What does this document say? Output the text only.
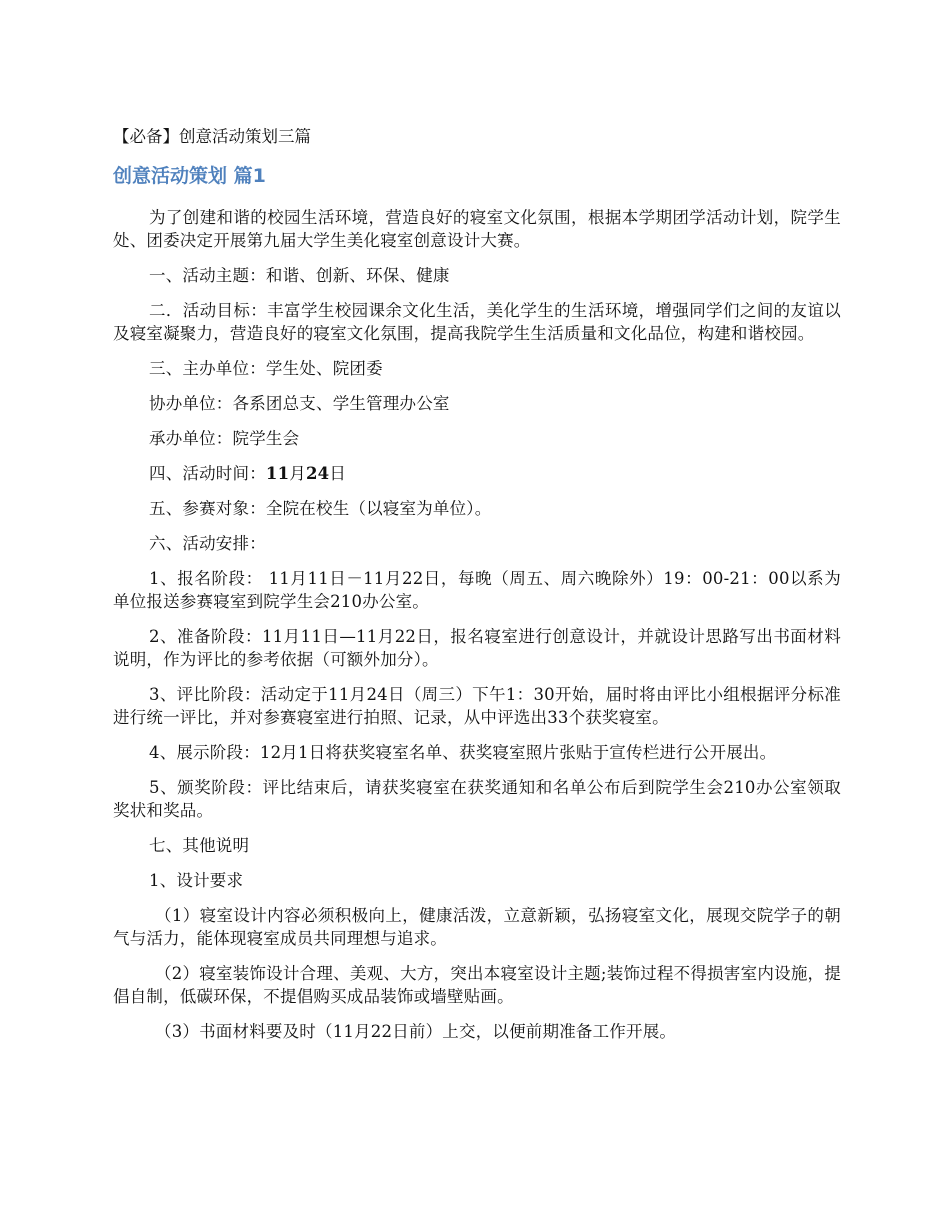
【必备】创意活动策划三篇
创意活动策划 篇1

为了创建和谐的校园生活环境，营造良好的寝室文化氛围，根据本学期团学活动计划，院学生处、团委决定开展第九届大学生美化寝室创意设计大赛。

一、活动主题：和谐、创新、环保、健康

二．活动目标：丰富学生校园课余文化生活，美化学生的生活环境，增强同学们之间的友谊以及寝室凝聚力，营造良好的寝室文化氛围，提高我院学生生活质量和文化品位，构建和谐校园。

三、主办单位：学生处、院团委

协办单位：各系团总支、学生管理办公室

承办单位：院学生会

四、活动时间：11月24日

五、参赛对象：全院在校生（以寝室为单位）。

六、活动安排：

1、报名阶段： 11月11日－11月22日，每晚（周五、周六晚除外）19：00-21：00以系为单位报送参赛寝室到院学生会210办公室。

2、准备阶段：11月11日—11月22日，报名寝室进行创意设计，并就设计思路写出书面材料说明，作为评比的参考依据（可额外加分）。

3、评比阶段：活动定于11月24日（周三）下午1：30开始，届时将由评比小组根据评分标准进行统一评比，并对参赛寝室进行拍照、记录，从中评选出33个获奖寝室。

4、展示阶段：12月1日将获奖寝室名单、获奖寝室照片张贴于宣传栏进行公开展出。

5、颁奖阶段：评比结束后，请获奖寝室在获奖通知和名单公布后到院学生会210办公室领取奖状和奖品。

七、其他说明

1、设计要求

（1）寝室设计内容必须积极向上，健康活泼，立意新颖，弘扬寝室文化，展现交院学子的朝气与活力，能体现寝室成员共同理想与追求。

（2）寝室装饰设计合理、美观、大方，突出本寝室设计主题;装饰过程不得损害室内设施，提倡自制，低碳环保，不提倡购买成品装饰或墙壁贴画。

（3）书面材料要及时（11月22日前）上交，以便前期准备工作开展。
